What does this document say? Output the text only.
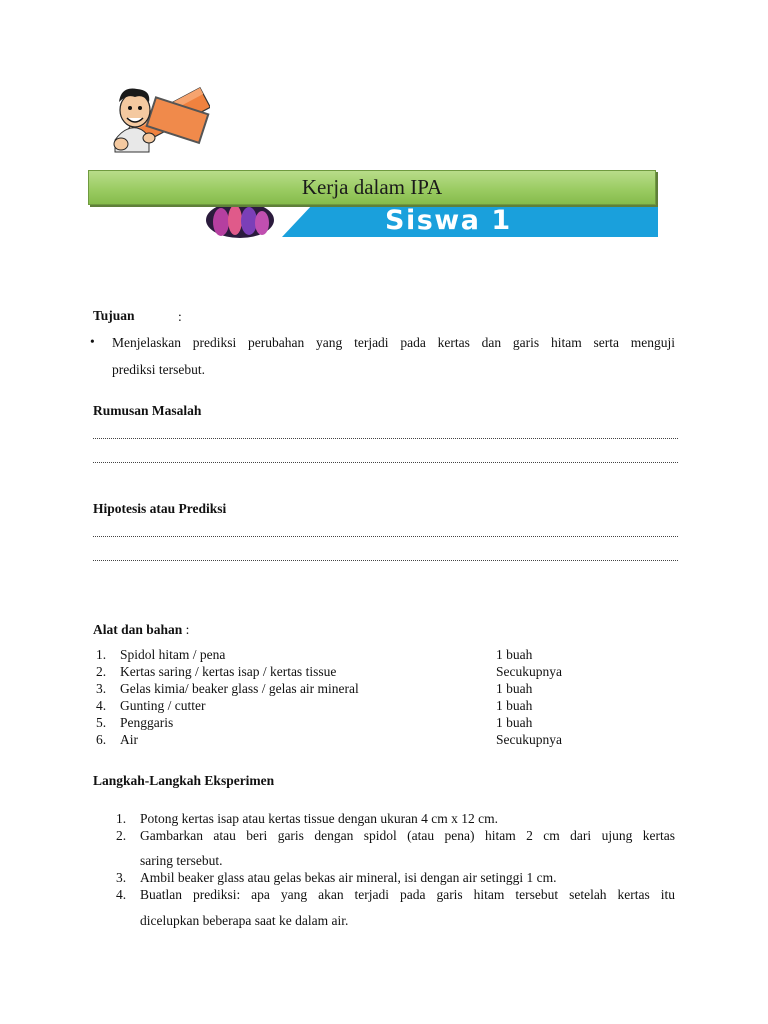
Kerja dalam IPA
Siswa 1
Tujuan	:
• Menjelaskan prediksi perubahan yang terjadi pada kertas dan garis hitam serta menguji
prediksi tersebut.
Rumusan Masalah
Hipotesis atau Prediksi
Alat dan bahan :
1.	Spidol hitam / pena	1 buah
2.	Kertas saring / kertas isap / kertas tissue	Secukupnya
3.	Gelas kimia/ beaker glass / gelas air mineral	1 buah
4.	Gunting / cutter	1 buah
5.	Penggaris	1 buah
6.	Air	Secukupnya
Langkah-Langkah Eksperimen
1. Potong kertas isap atau kertas tissue dengan ukuran 4 cm x 12 cm.
2. Gambarkan atau beri garis dengan spidol (atau pena) hitam 2 cm dari ujung kertas
saring tersebut.
3. Ambil beaker glass atau gelas bekas air mineral, isi dengan air setinggi 1 cm.
4. Buatlan prediksi: apa yang akan terjadi pada garis hitam tersebut setelah kertas itu
dicelupkan beberapa saat ke dalam air.
